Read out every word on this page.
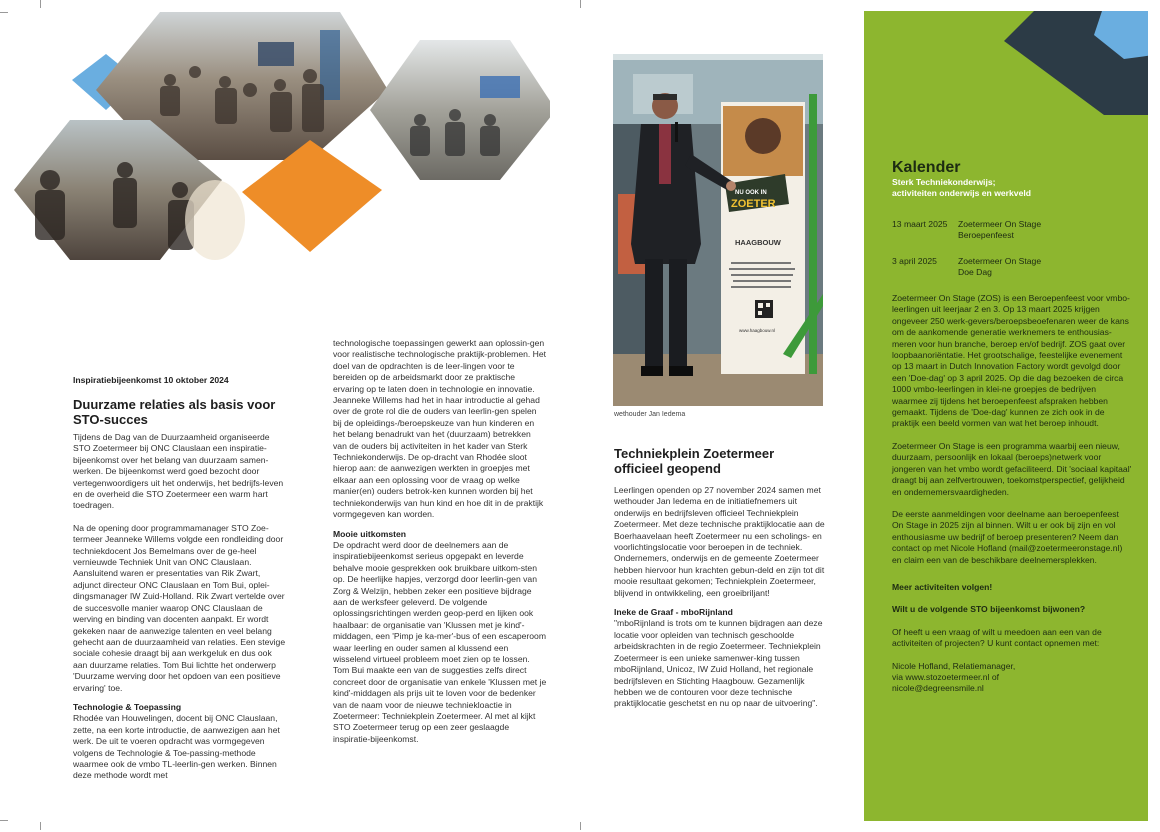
Inspiratiebijeenkomst 10 oktober 2024
Duurzame relaties als basis voor
STO-succes

Tijdens de Dag van de Duurzaamheid organiseerde STO Zoetermeer bij ONC Clauslaan een inspiratie-bijeenkomst over het belang van duurzaam samen-werken. De bijeenkomst werd goed bezocht door vertegenwoordigers uit het onderwijs, het bedrijfs-leven en de overheid die STO Zoetermeer een warm hart toedragen.

Na de opening door programmamanager STO Zoe-termeer Jeanneke Willems volgde een rondleiding door techniekdocent Jos Bemelmans over de ge-heel vernieuwde Techniek Unit van ONC Clauslaan. Aansluitend waren er presentaties van Rik Zwart, adjunct directeur ONC Clauslaan en Tom Bui, oplei-dingsmanager IW Zuid-Holland. Rik Zwart vertelde over de succesvolle manier waarop ONC Clauslaan de werving en binding van docenten aanpakt. Er wordt gekeken naar de aanwezige talenten en veel belang gehecht aan de duurzaamheid van relaties. Een stevige sociale cohesie draagt bij aan werkgeluk en dus ook aan duurzame relaties. Tom Bui lichtte het onderwerp 'Duurzame werving door het opdoen van een positieve ervaring' toe.

Technologie & Toepassing

Rhodée van Houwelingen, docent bij ONC Clauslaan, zette, na een korte introductie, de aanwezigen aan het werk. De uit te voeren opdracht was vormgegeven volgens de Technologie & Toe-passing-methode waarmee ook de vmbo TL-leerlin-gen werken. Binnen deze methode wordt met

technologische toepassingen gewerkt aan oplossin-gen voor realistische technologische praktijk-problemen. Het doel van de opdrachten is de leer-lingen voor te bereiden op de arbeidsmarkt door ze praktische ervaring op te laten doen in technologie en innovatie. Jeanneke Willems had het in haar introductie al gehad over de grote rol die de ouders van leerlin-gen spelen bij de opleidings-/beroepskeuze van hun kinderen en het belang benadrukt van het (duurzaam) betrekken van de ouders bij activiteiten in het kader van Sterk Techniekonderwijs. De op-dracht van Rhodée sloot hierop aan: de aanwezigen werkten in groepjes met elkaar aan een oplossing voor de vraag op welke manier(en) ouders betrok-ken kunnen worden bij het techniekonderwijs van hun kind en hoe dit in de praktijk vormgegeven kan worden.

Mooie uitkomsten

De opdracht werd door de deelnemers aan de inspiratiebijeenkomst serieus opgepakt en leverde behalve mooie gesprekken ook bruikbare uitkom-sten op. De heerlijke hapjes, verzorgd door leerlin-gen van Zorg & Welzijn, hebben zeker een positieve bijdrage aan de werksfeer geleverd. De volgende oplossingsrichtingen werden geop-perd en lijken ook haalbaar: de organisatie van 'Klussen met je kind'-middagen, een 'Pimp je ka-mer'-bus of een escaperoom waar leerling en ouder samen al klussend een wisselend virtueel probleem moet zien op te lossen. Tom Bui maakte een van de suggesties zelfs direct concreet door de organisatie van enkele 'Klussen met je kind'-middagen als prijs uit te loven voor de bedenker van de naam voor de nieuwe techniekloactie in Zoetermeer: Techniekplein Zoetermeer. Al met al kijkt STO Zoetermeer terug op een zeer geslaagde inspiratie-bijeenkomst.

NU OOK IN
ZOETER
HAAGBOUW
www.haagbouw.nl
wethouder Jan Iedema
Techniekplein Zoetermeer
officieel geopend

Leerlingen openden op 27 november 2024 samen met wethouder Jan Iedema en de initiatiefnemers uit onderwijs en bedrijfsleven officieel Techniekplein Zoetermeer. Met deze technische praktijklocatie aan de Boerhaavelaan heeft Zoetermeer nu een scholings- en voorlichtingslocatie voor beroepen in de techniek. Ondernemers, onderwijs en de gemeente Zoetermeer hebben hiervoor hun krachten gebun-deld en zijn tot dit mooie resultaat gekomen; Techniekplein Zoetermeer, blijvend in ontwikkeling, een groeibriljant!

Ineke de Graaf - mboRijnland

"mboRijnland is trots om te kunnen bijdragen aan deze locatie voor opleiden van technisch geschoolde arbeidskrachten in de regio Zoetermeer. Techniekplein Zoetermeer is een unieke samenwer-king tussen mboRijnland, Unicoz, IW Zuid Holland, het regionale bedrijfsleven en Stichting Haagbouw. Gezamenlijk hebben we de contouren voor deze technische praktijklocatie geschetst en nu op naar de uitvoering".

Kalender
Sterk Techniekonderwijs;
activiteiten onderwijs en werkveld
13 maart 2025	Zoetermeer On Stage
Beroepenfeest
3 april 2025	Zoetermeer On Stage
Doe Dag

Zoetermeer On Stage (ZOS) is een Beroepenfeest voor vmbo-leerlingen uit leerjaar 2 en 3. Op 13 maart 2025 krijgen ongeveer 250 werk-gevers/beroepsbeoefenaren weer de kans om de aankomende generatie werknemers te enthousias-meren voor hun branche, beroep en/of bedrijf. ZOS gaat over loopbaanoriëntatie. Het grootschalige, feestelijke evenement op 13 maart in Dutch Innovation Factory wordt gevolgd door een 'Doe-dag' op 3 april 2025. Op die dag bezoeken de circa 1000 vmbo-leerlingen in klei-ne groepjes de bedrijven waarmee zij tijdens het beroepenfeest afspraken hebben gemaakt. Tijdens de 'Doe-dag' kunnen ze zich ook in de praktijk een beeld vormen van wat het beroep inhoudt.

Zoetermeer On Stage is een programma waarbij een nieuw, duurzaam, persoonlijk en lokaal (beroeps)netwerk voor jongeren van het vmbo wordt gefaciliteerd. Dit 'sociaal kapitaal' draagt bij aan zelfvertrouwen, toekomstperspectief, gelijkheid en ondernemersvaardigheden.

De eerste aanmeldingen voor deelname aan beroepenfeest On Stage in 2025 zijn al binnen. Wilt u er ook bij zijn en vol enthousiasme uw bedrijf of beroep presenteren? Neem dan contact op met Nicole Hofland (mail@zoetermeeronstage.nl) en claim een van de beschikbare deelnemersplekken.

Meer activiteiten volgen!

Wilt u de volgende STO bijeenkomst bijwonen?

Of heeft u een vraag of wilt u meedoen aan een van de activiteiten of projecten? U kunt contact opnemen met:

Nicole Hofland, Relatiemanager,

via www.stozoetermeer.nl of

nicole@degreensmile.nl
